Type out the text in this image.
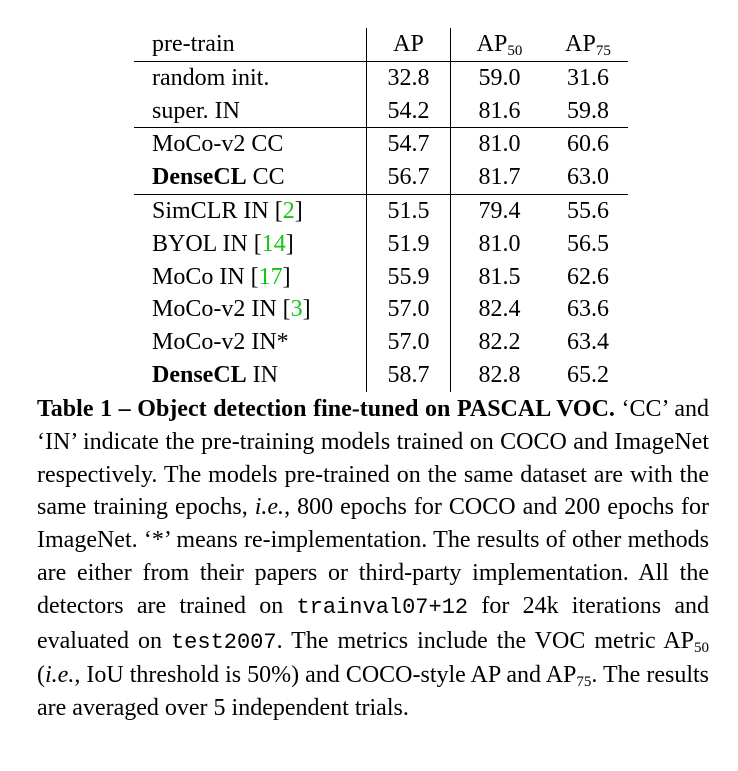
pre-train	AP	$AP_{50}$	$AP_{75}$
random init.	32.8	59.0	31.6
super. IN	54.2	81.6	59.8
MoCo-v2 CC	54.7	81.0	60.6
DenseCL CC	56.7	81.7	63.0
SimCLR IN [2]	51.5	79.4	55.6
BYOL IN [14]	51.9	81.0	56.5
MoCo IN [17]	55.9	81.5	62.6
MoCo-v2 IN [3]	57.0	82.4	63.6
MoCo-v2 IN*	57.0	82.2	63.4
DenseCL IN	58.7	82.8	65.2
Table 1 – Object detection fine-tuned on PASCAL VOC. ‘CC’ and ‘IN’ indicate the pre-training models trained on COCO and ImageNet respectively. The models pre-trained on the same dataset are with the same training epochs, i.e., 800 epochs for COCO and 200 epochs for ImageNet. ‘*’ means re-implementation. The results of other methods are either from their papers or third-party implementation. All the detectors are trained on trainval07+12 for 24k iterations and evaluated on test2007. The metrics include the VOC metric $AP_{50}$ (i.e., IoU threshold is 50%) and COCO-style AP and $AP_{75}$. The results are averaged over 5 independent trials.
